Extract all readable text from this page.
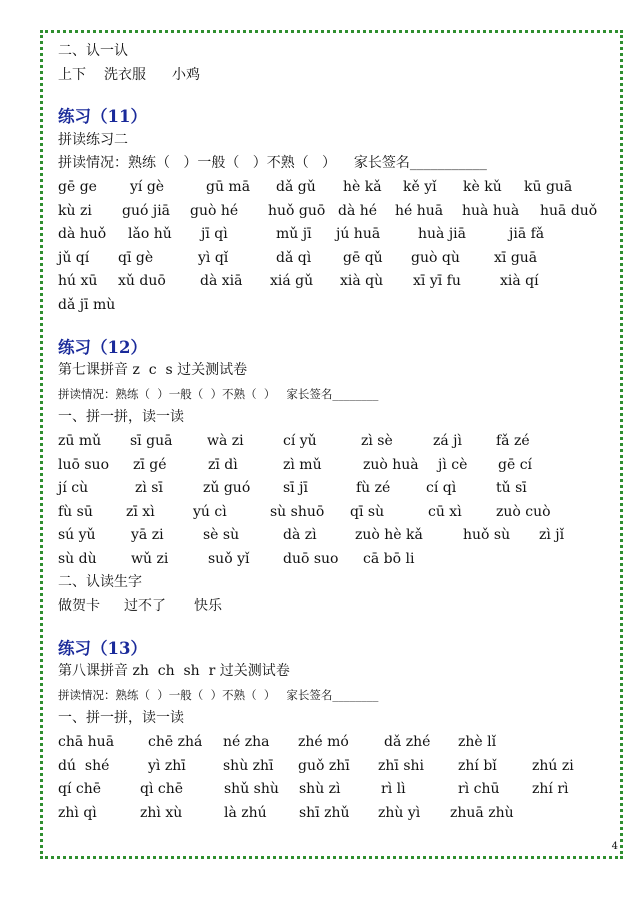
二、认一认

上下

洗衣服

小鸡

练习（11）
拼读练习二
拼读情况：熟练（   ）一般（   ）不熟（   ）    家长签名___________
gē ge yí gè	gū mā dǎ gǔ hè kǎ kě yǐ kè kǔ kū guā
kù zi guó jiā guò hé huǒ guō dà hé hé huā huà huà huā duǒ
dà huǒ lǎo hǔ jī qì	mǔ jī jú huā	huà jiā	jiā fǎ
jǔ qí qī gè	yì qǐ	dǎ qì gē qǔ guò qù xī guā
hú xū xǔ duō dà xiā xiá gǔ xià qù xī yī fu	xià qí
dǎ jī mù
练习（12）
第七课拼音 z  c  s 过关测试卷
拼读情况：熟练（  ）一般（  ）不熟（  ）   家长签名________
一、拼一拼，读一读
zū mǔ sī guā wà zi	cí yǔ	zì sè	zá jì fǎ zé
luō suo zī gé	zī dì	zì mǔ	zuò huà jì cè gē cí
jí cù	zì sī	zǔ guó sī jī	fù zé	cí qì	tǔ sī
fù sū zī xì	yú cì	sù shuō qī sù	cū xì zuò cuò
sú yǔ	yā zi	sè sù	dà zì	zuò hè kǎ	huǒ sù zì jǐ
sù dù wǔ zi	suǒ yǐ duō suo cā bō li
二、认读生字

做贺卡

过不了

快乐

练习（13）
第八课拼音 zh  ch  sh  r 过关测试卷
拼读情况：熟练（  ）一般（  ）不熟（  ）   家长签名________
一、拼一拼，读一读
chā huā chē zhá né zha zhé mó	dǎ zhé zhè lǐ
dú  shé	yì zhī	shù zhī guǒ zhī zhī shi zhí bǐ	zhú zi
qí chē	qì chē	shǔ shù shù zì	rì lì	rì chū zhí rì
zhì qì	zhì xù	là zhú shī zhǔ zhù yì zhuā zhù
4
